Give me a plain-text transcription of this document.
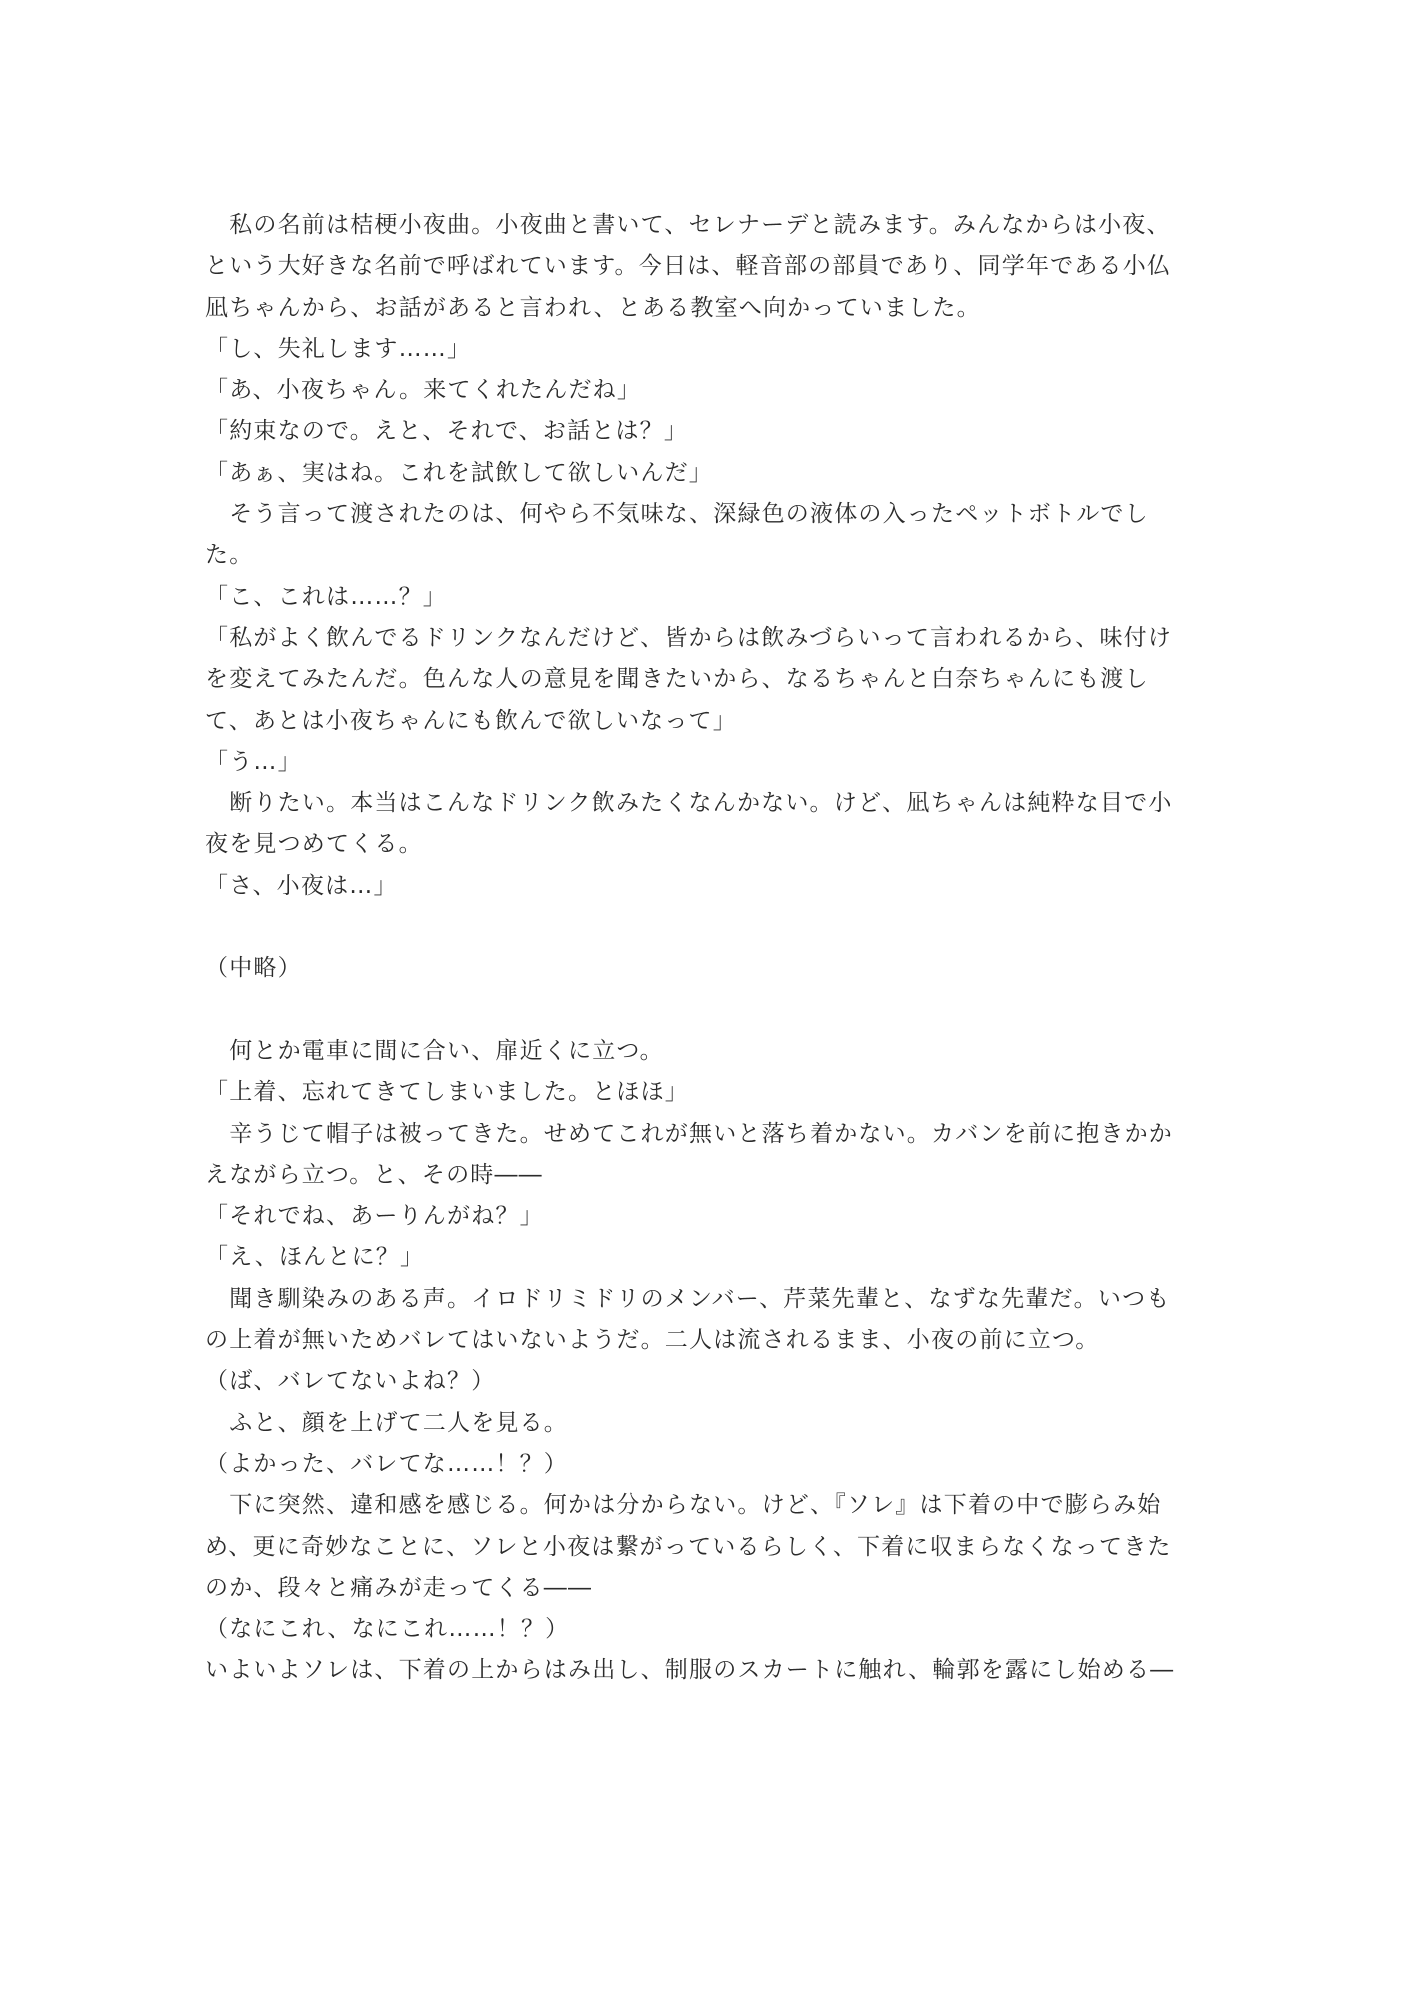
　私の名前は桔梗小夜曲。小夜曲と書いて、セレナーデと読みます。みんなからは小夜、
という大好きな名前で呼ばれています。今日は、軽音部の部員であり、同学年である小仏
凪ちゃんから、お話があると言われ、とある教室へ向かっていました。
「し、失礼します……」
「あ、小夜ちゃん。来てくれたんだね」
「約束なので。えと、それで、お話とは？」
「あぁ、実はね。これを試飲して欲しいんだ」
　そう言って渡されたのは、何やら不気味な、深緑色の液体の入ったペットボトルでし
た。
「こ、これは……？」
「私がよく飲んでるドリンクなんだけど、皆からは飲みづらいって言われるから、味付け
を変えてみたんだ。色んな人の意見を聞きたいから、なるちゃんと白奈ちゃんにも渡し
て、あとは小夜ちゃんにも飲んで欲しいなって」
「う…」
　断りたい。本当はこんなドリンク飲みたくなんかない。けど、凪ちゃんは純粋な目で小
夜を見つめてくる。
「さ、小夜は…」
（中略）
　何とか電車に間に合い、扉近くに立つ。
「上着、忘れてきてしまいました。とほほ」
　辛うじて帽子は被ってきた。せめてこれが無いと落ち着かない。カバンを前に抱きかか
えながら立つ。と、その時――
「それでね、あーりんがね？」
「え、ほんとに？」
　聞き馴染みのある声。イロドリミドリのメンバー、芹菜先輩と、なずな先輩だ。いつも
の上着が無いためバレてはいないようだ。二人は流されるまま、小夜の前に立つ。
（ば、バレてないよね？）
　ふと、顔を上げて二人を見る。
（よかった、バレてな……！？）
　下に突然、違和感を感じる。何かは分からない。けど、『ソレ』は下着の中で膨らみ始
め、更に奇妙なことに、ソレと小夜は繋がっているらしく、下着に収まらなくなってきた
のか、段々と痛みが走ってくる――
（なにこれ、なにこれ……！？）
いよいよソレは、下着の上からはみ出し、制服のスカートに触れ、輪郭を露にし始める―
